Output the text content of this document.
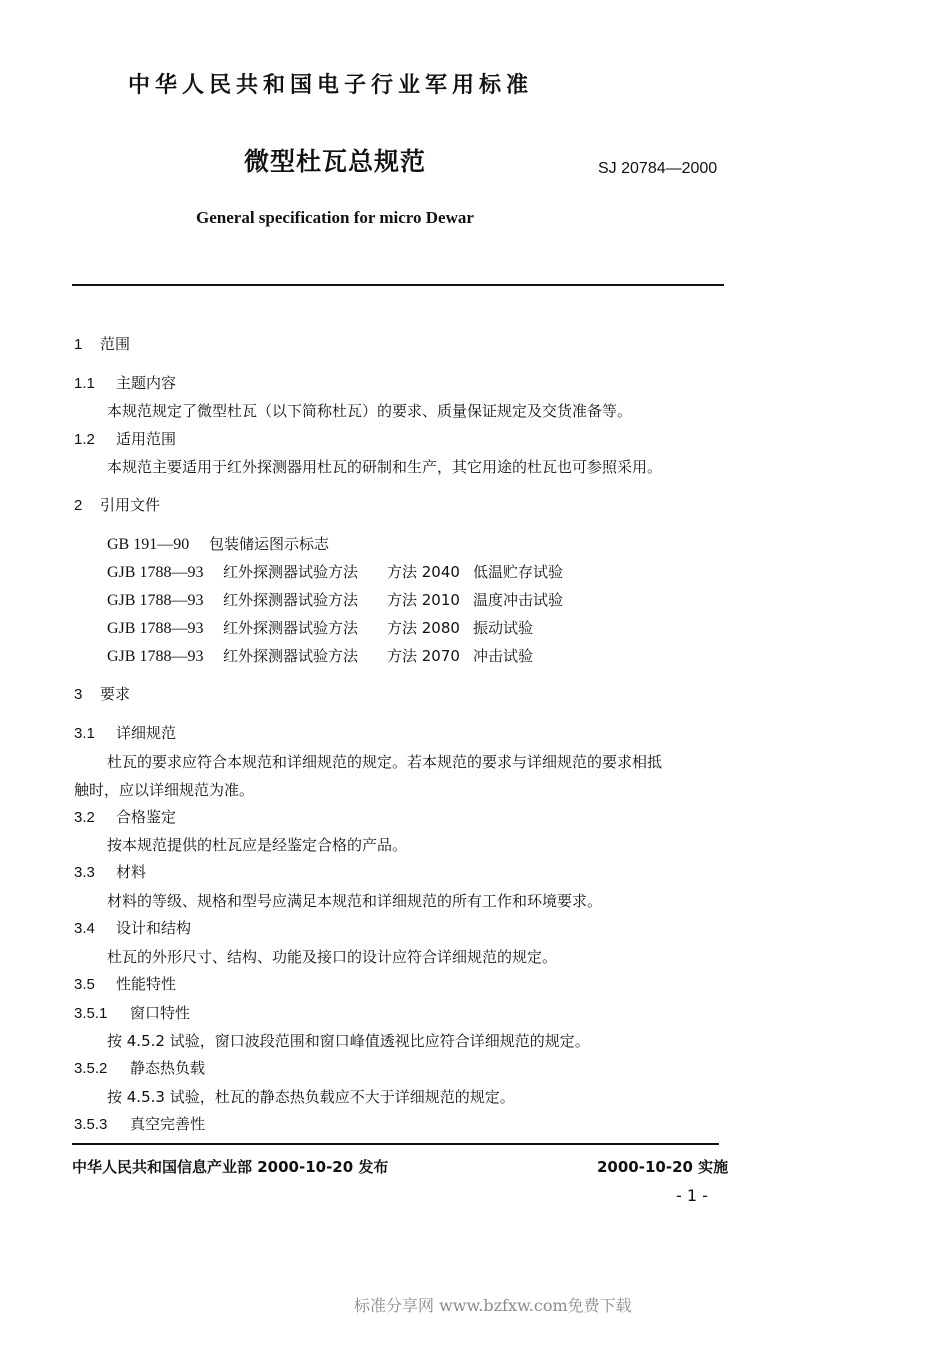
中华人民共和国电子行业军用标准
微型杜瓦总规范	SJ 20784—2000
General specification for micro Dewar
1 范围
1.1 主题内容
本规范规定了微型杜瓦（以下简称杜瓦）的要求、质量保证规定及交货准备等。
1.2 适用范围
本规范主要适用于红外探测器用杜瓦的研制和生产，其它用途的杜瓦也可参照采用。
2 引用文件
GB 191—90 包装储运图示标志
GJB 1788—93 红外探测器试验方法 方法 2040 低温贮存试验
GJB 1788—93 红外探测器试验方法 方法 2010 温度冲击试验
GJB 1788—93 红外探测器试验方法 方法 2080 振动试验
GJB 1788—93 红外探测器试验方法 方法 2070 冲击试验
3 要求
3.1 详细规范
杜瓦的要求应符合本规范和详细规范的规定。若本规范的要求与详细规范的要求相抵
触时，应以详细规范为准。
3.2 合格鉴定
按本规范提供的杜瓦应是经鉴定合格的产品。
3.3 材料
材料的等级、规格和型号应满足本规范和详细规范的所有工作和环境要求。
3.4 设计和结构
杜瓦的外形尺寸、结构、功能及接口的设计应符合详细规范的规定。
3.5 性能特性
3.5.1 窗口特性
按 4.5.2 试验，窗口波段范围和窗口峰值透视比应符合详细规范的规定。
3.5.2 静态热负载
按 4.5.3 试验，杜瓦的静态热负载应不大于详细规范的规定。
3.5.3 真空完善性
中华人民共和国信息产业部 2000-10-20 发布	2000-10-20 实施
- 1 -
标准分享网 www.bzfxw.com免费下载
